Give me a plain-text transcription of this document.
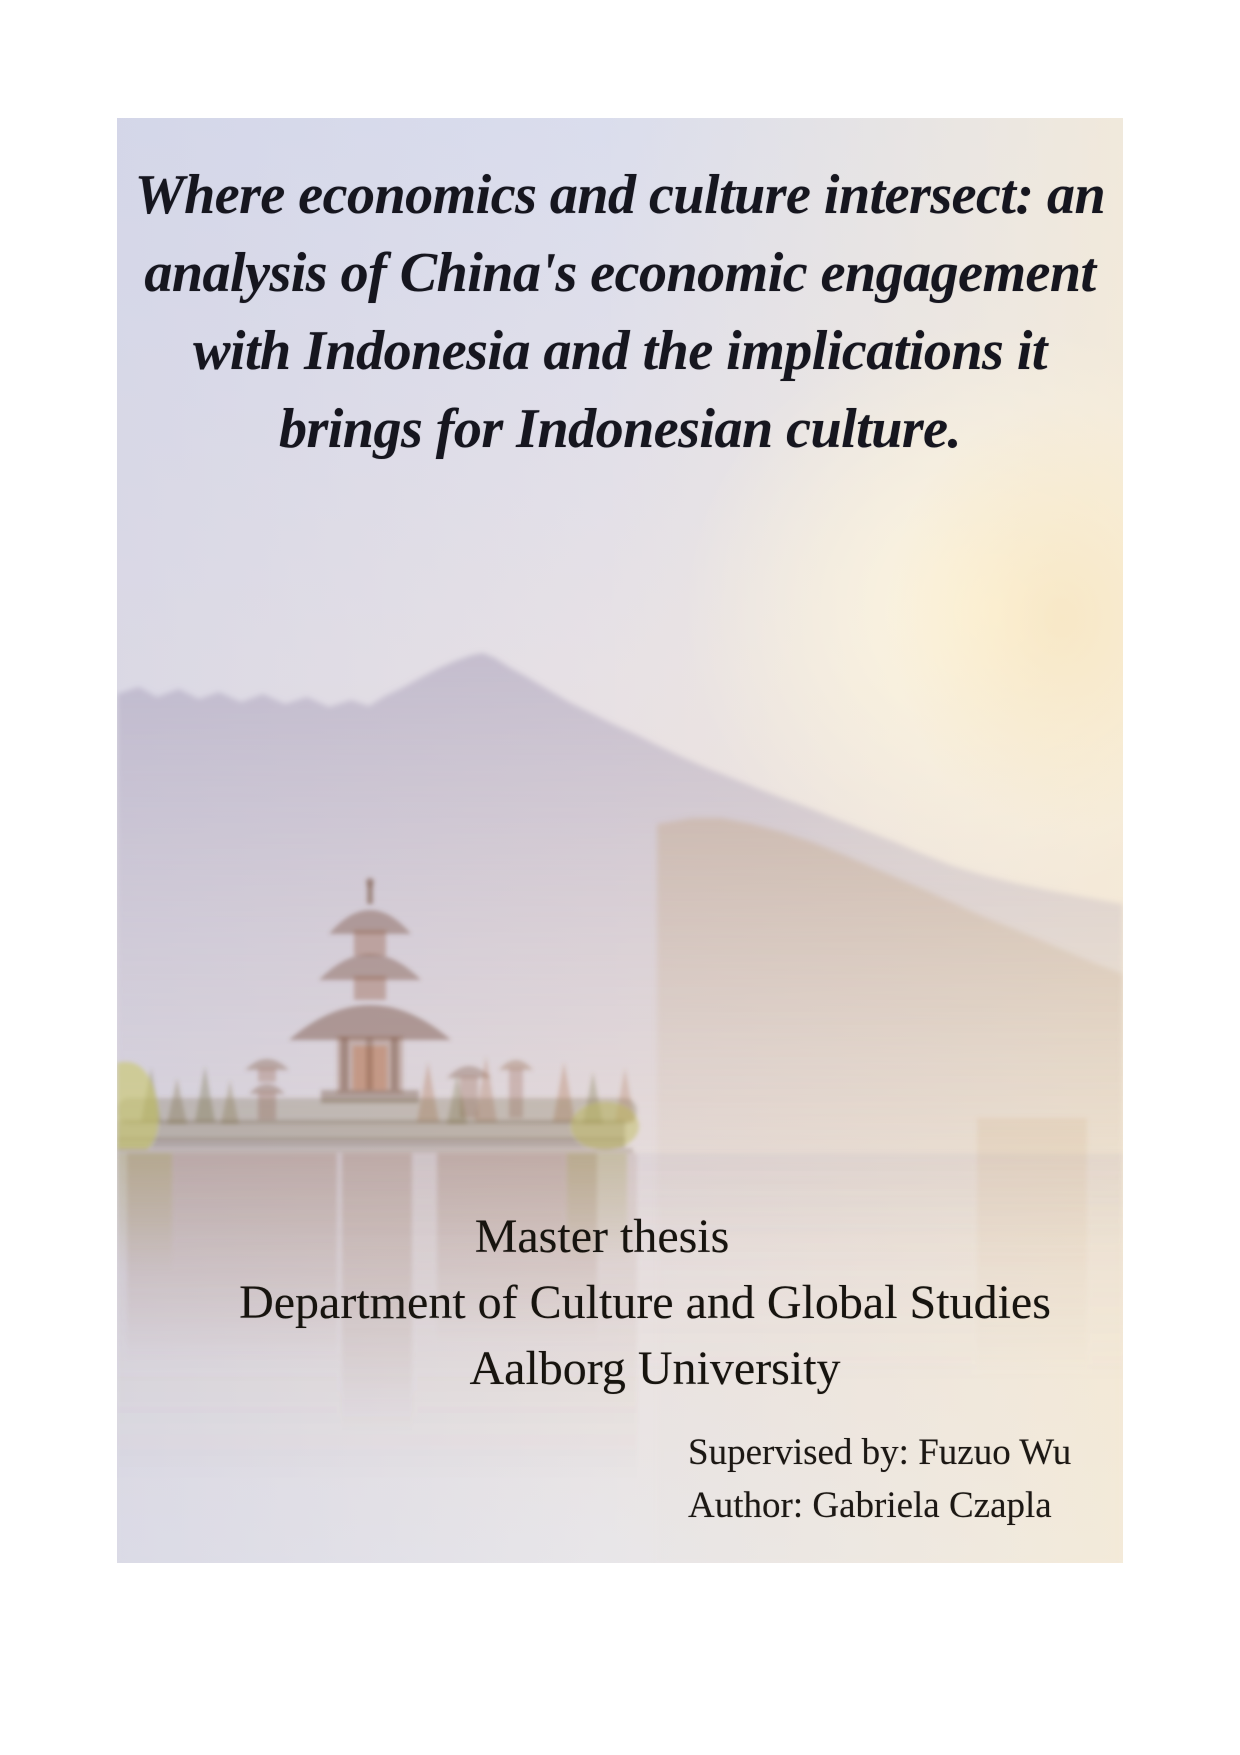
Where economics and culture intersect: an
analysis of China's economic engagement
with Indonesia and the implications it
brings for Indonesian culture.
Master thesis
Department of Culture and Global Studies
Aalborg University
Supervised by: Fuzuo Wu
Author: Gabriela Czapla
